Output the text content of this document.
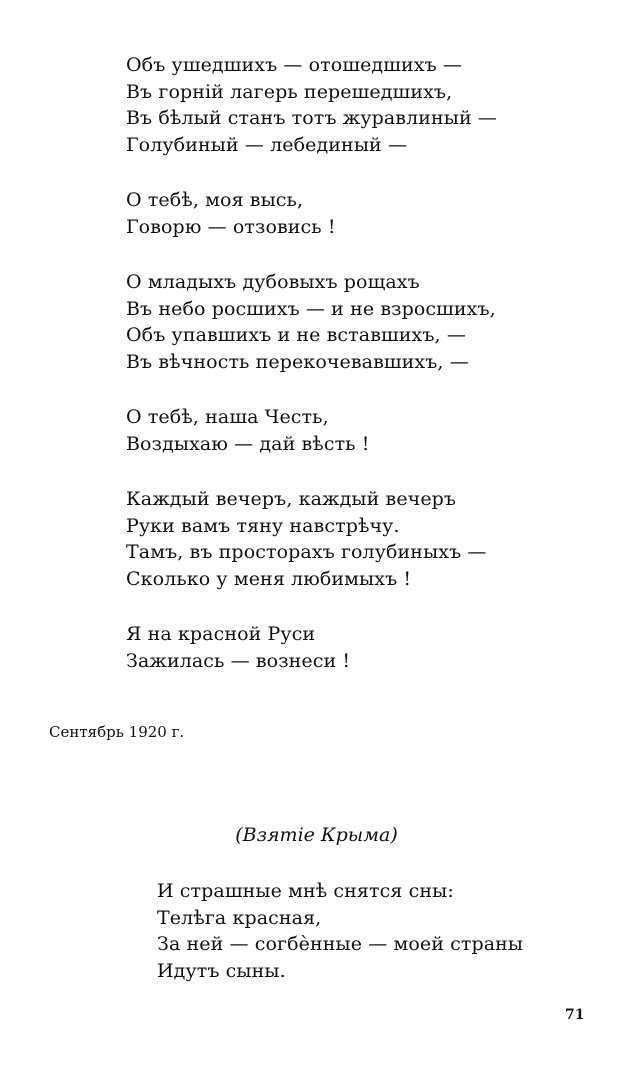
Объ ушедшихъ — отошедшихъ —
Въ горній лагерь перешедшихъ,
Въ бѣлый станъ тотъ журавлиный —
Голубиный — лебединый —
О тебѣ, моя высь,
Говорю — отзовись !
О младыхъ дубовыхъ рощахъ
Въ небо росшихъ — и не взросшихъ,
Объ упавшихъ и не вставшихъ, —
Въ вѣчность перекочевавшихъ, —
О тебѣ, наша Честь,
Воздыхаю — дай вѣсть !
Каждый вечеръ, каждый вечеръ
Руки вамъ тяну навстрѣчу.
Тамъ, въ просторахъ голубиныхъ —
Сколько у меня любимыхъ !
Я на красной Руси
Зажилась — вознеси !
Сентябрь 1920 г.
(Взятіе Крыма)
И страшные мнѣ снятся сны:
Телѣга красная,
За ней — согбѐнные — моей страны
Идутъ сыны.
71
